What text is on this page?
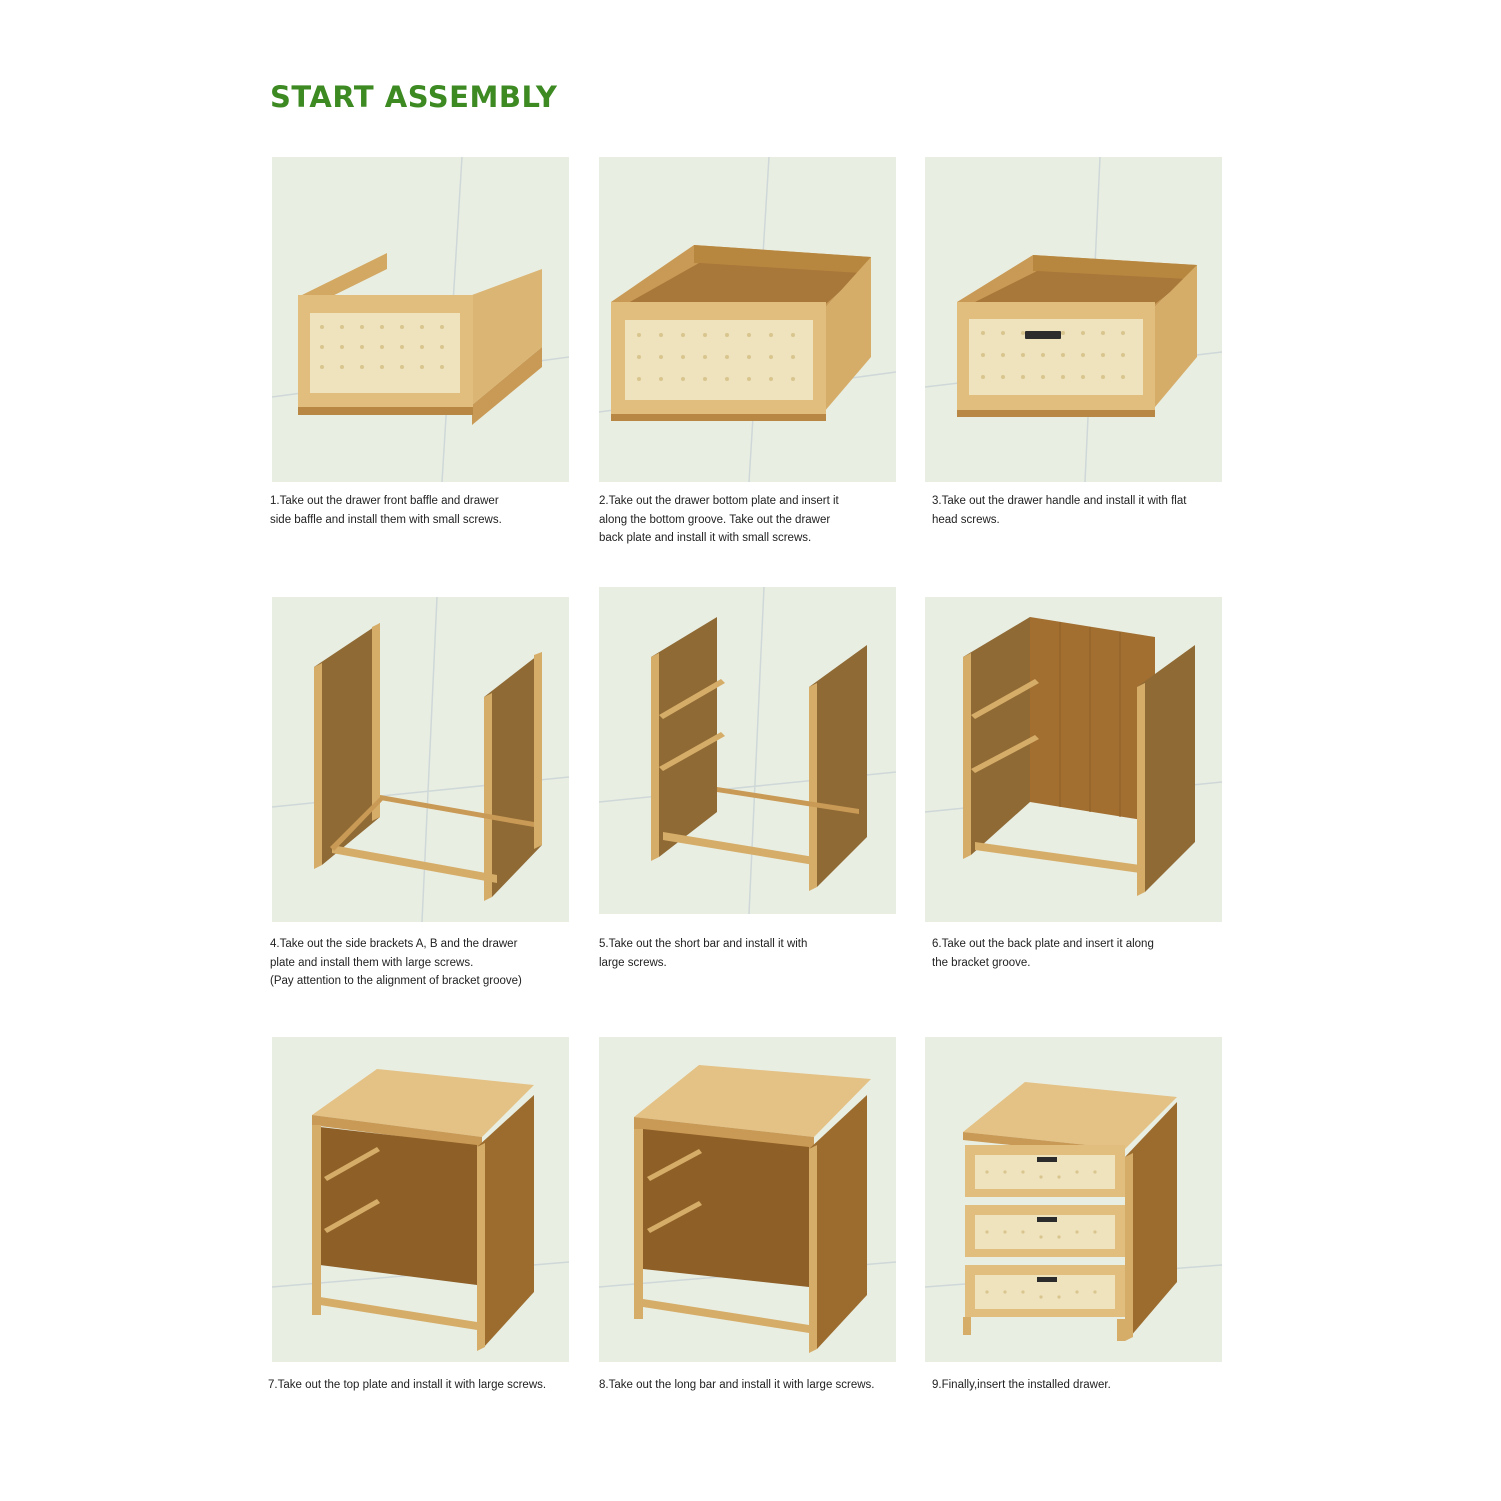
START ASSEMBLY

1.Take out the drawer front baffle and drawer
side baffle and install them with small screws.

2.Take out the drawer bottom plate and insert it
along the bottom groove. Take out the drawer
back plate and install it with small screws.

3.Take out the drawer handle and install it with flat
head screws.

4.Take out the side brackets A, B and the drawer
plate and install them with large screws.
(Pay attention to the alignment of bracket groove)

5.Take out the short bar and install it with
large screws.

6.Take out the back plate and insert it along
the bracket groove.

7.Take out the top plate and install it with large screws.	8.Take out the long bar and install it with large screws.	9.Finally,insert the installed drawer.
